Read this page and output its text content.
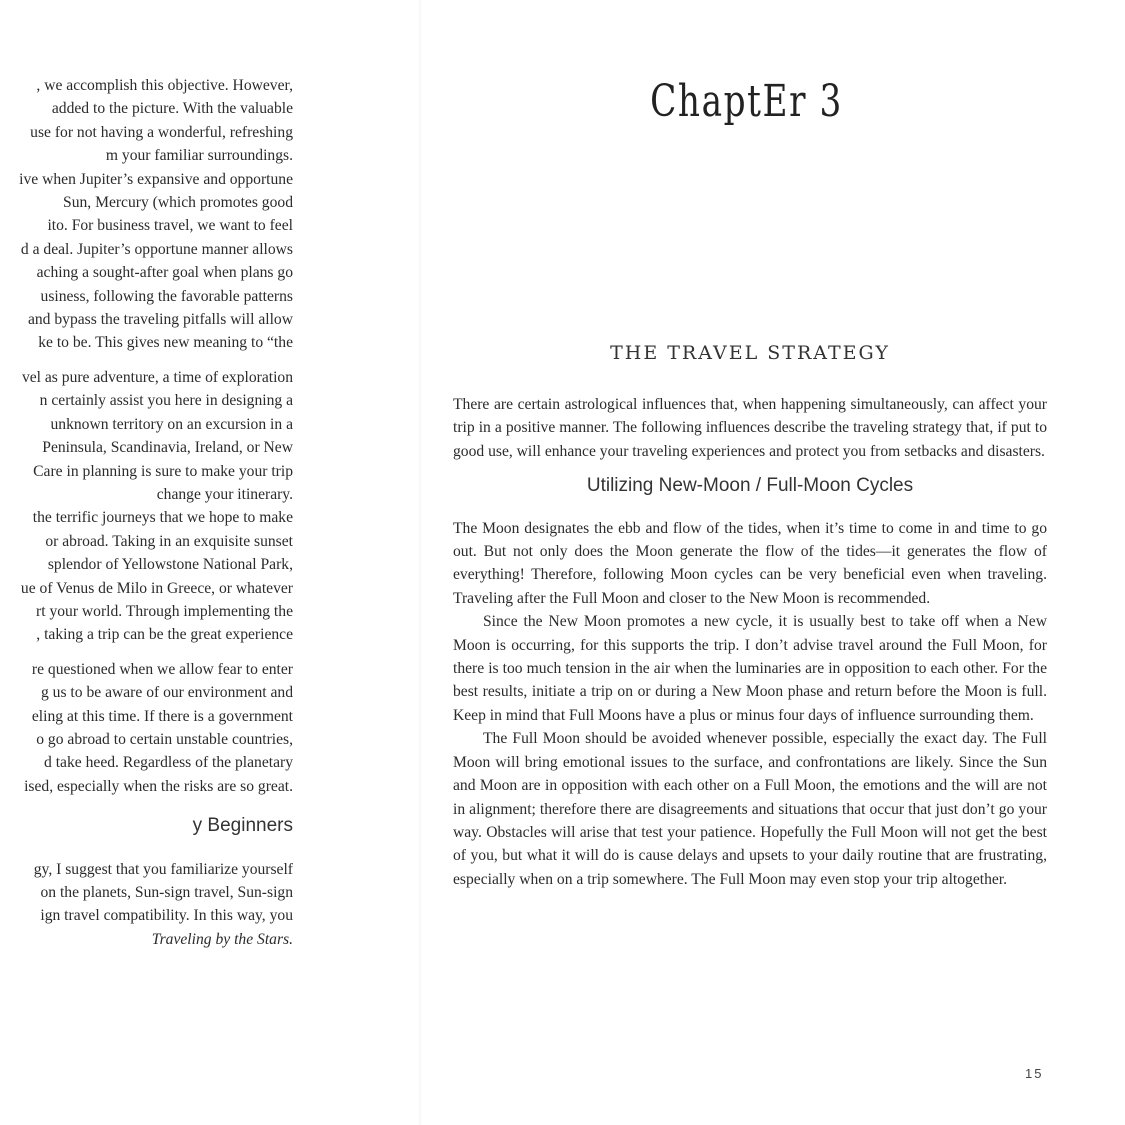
, we accomplish this objective. However,
added to the picture. With the valuable
use for not having a wonderful, refreshing
m your familiar surroundings.
ive when Jupiter’s expansive and opportune
Sun, Mercury (which promotes good
ito. For business travel, we want to feel
d a deal. Jupiter’s opportune manner allows
aching a sought-after goal when plans go
usiness, following the favorable patterns
and bypass the traveling pitfalls will allow
ke to be. This gives new meaning to “the
vel as pure adventure, a time of exploration
n certainly assist you here in designing a
unknown territory on an excursion in a
Peninsula, Scandinavia, Ireland, or New
Care in planning is sure to make your trip
change your itinerary.
the terrific journeys that we hope to make
or abroad. Taking in an exquisite sunset
splendor of Yellowstone National Park,
ue of Venus de Milo in Greece, or whatever
rt your world. Through implementing the
, taking a trip can be the great experience
re questioned when we allow fear to enter
g us to be aware of our environment and
eling at this time. If there is a government
o go abroad to certain unstable countries,
d take heed. Regardless of the planetary
ised, especially when the risks are so great.
y Beginners
gy, I suggest that you familiarize yourself
on the planets, Sun-sign travel, Sun-sign
ign travel compatibility. In this way, you
Traveling by the Stars.
ChaptEr 3
THE TRAVEL STRATEGY

There are certain astrological influences that, when happening simultaneously, can affect your trip in a positive manner. The following influences describe the traveling strategy that, if put to good use, will enhance your traveling experiences and protect you from setbacks and disasters.

Utilizing New-Moon / Full-Moon Cycles

The Moon designates the ebb and flow of the tides, when it’s time to come in and time to go out. But not only does the Moon generate the flow of the tides—it generates the flow of everything! Therefore, following Moon cycles can be very beneficial even when traveling. Traveling after the Full Moon and closer to the New Moon is recommended.

Since the New Moon promotes a new cycle, it is usually best to take off when a New Moon is occurring, for this supports the trip. I don’t advise travel around the Full Moon, for there is too much tension in the air when the luminaries are in opposition to each other. For the best results, initiate a trip on or during a New Moon phase and return before the Moon is full. Keep in mind that Full Moons have a plus or minus four days of influence surrounding them.

The Full Moon should be avoided whenever possible, especially the exact day. The Full Moon will bring emotional issues to the surface, and confrontations are likely. Since the Sun and Moon are in opposition with each other on a Full Moon, the emotions and the will are not in alignment; therefore there are disagreements and situations that occur that just don’t go your way. Obstacles will arise that test your patience. Hopefully the Full Moon will not get the best of you, but what it will do is cause delays and upsets to your daily routine that are frustrating, especially when on a trip somewhere. The Full Moon may even stop your trip altogether.

15
